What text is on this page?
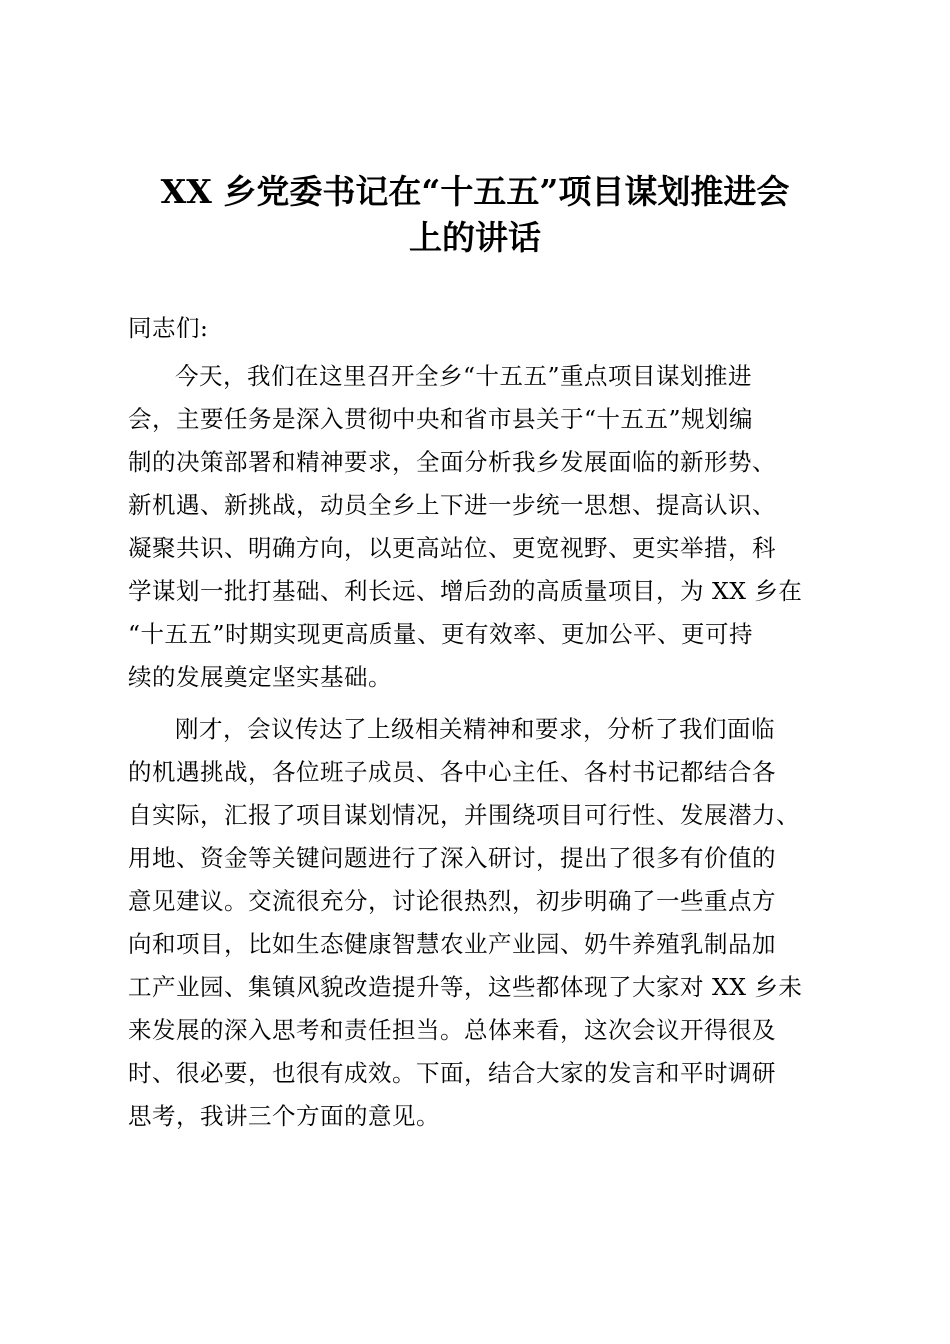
XX 乡党委书记在“十五五”项目谋划推进会
上的讲话
同志们:
今天，我们在这里召开全乡“十五五”重点项目谋划推进
会，主要任务是深入贯彻中央和省市县关于“十五五”规划编
制的决策部署和精神要求，全面分析我乡发展面临的新形势、
新机遇、新挑战，动员全乡上下进一步统一思想、提高认识、
凝聚共识、明确方向，以更高站位、更宽视野、更实举措，科
学谋划一批打基础、利长远、增后劲的高质量项目，为 XX 乡在
“十五五”时期实现更高质量、更有效率、更加公平、更可持
续的发展奠定坚实基础。
刚才，会议传达了上级相关精神和要求，分析了我们面临
的机遇挑战，各位班子成员、各中心主任、各村书记都结合各
自实际，汇报了项目谋划情况，并围绕项目可行性、发展潜力、
用地、资金等关键问题进行了深入研讨，提出了很多有价值的
意见建议。交流很充分，讨论很热烈，初步明确了一些重点方
向和项目，比如生态健康智慧农业产业园、奶牛养殖乳制品加
工产业园、集镇风貌改造提升等，这些都体现了大家对 XX 乡未
来发展的深入思考和责任担当。总体来看，这次会议开得很及
时、很必要，也很有成效。下面，结合大家的发言和平时调研
思考，我讲三个方面的意见。
